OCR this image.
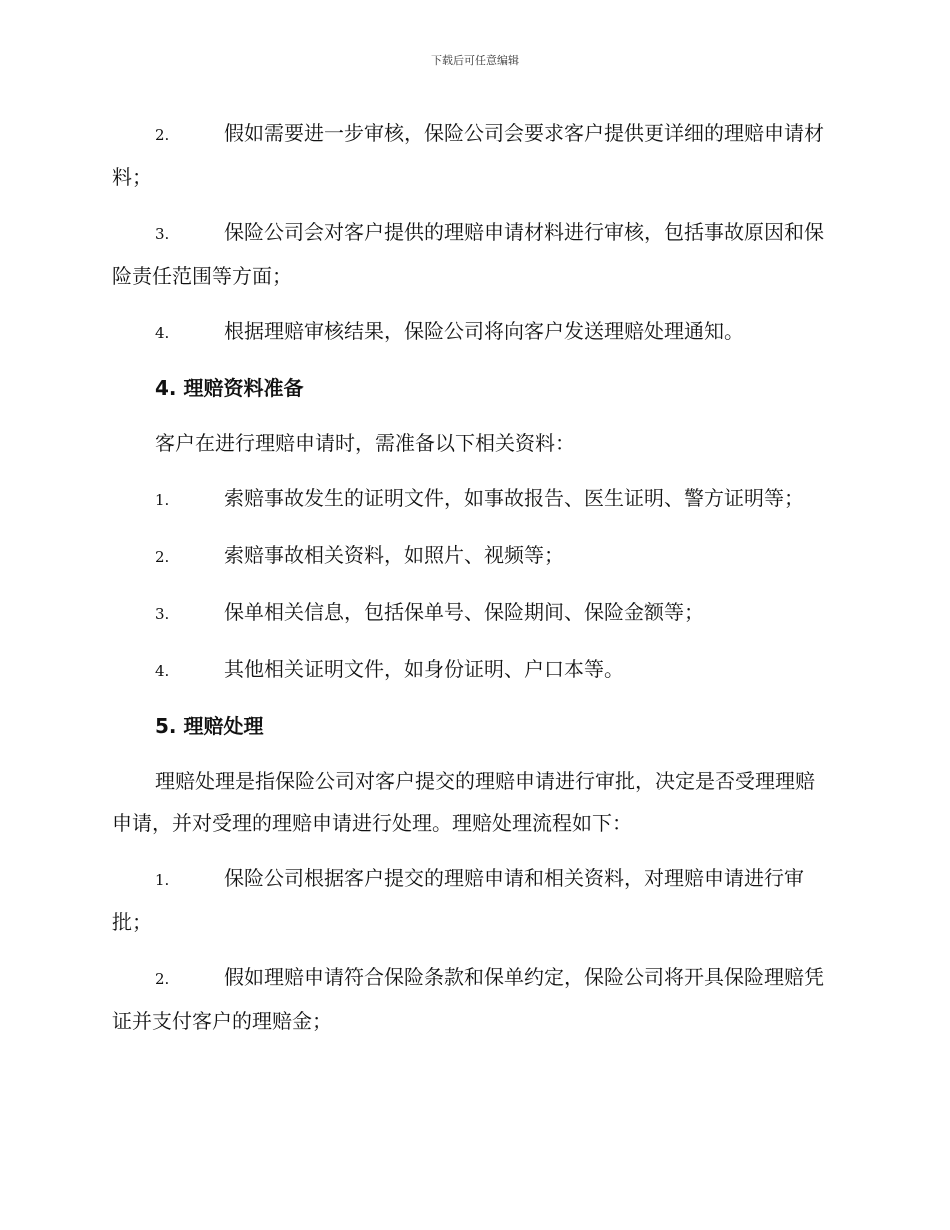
下载后可任意编辑
2.	假如需要进一步审核，保险公司会要求客户提供更详细的理赔申请材料；
3.	保险公司会对客户提供的理赔申请材料进行审核，包括事故原因和保险责任范围等方面；
4.	根据理赔审核结果，保险公司将向客户发送理赔处理通知。
4. 理赔资料准备
客户在进行理赔申请时，需准备以下相关资料：
1.	索赔事故发生的证明文件，如事故报告、医生证明、警方证明等；
2.	索赔事故相关资料，如照片、视频等；
3.	保单相关信息，包括保单号、保险期间、保险金额等；
4.	其他相关证明文件，如身份证明、户口本等。
5. 理赔处理
理赔处理是指保险公司对客户提交的理赔申请进行审批，决定是否受理理赔申请，并对受理的理赔申请进行处理。理赔处理流程如下：
1.	保险公司根据客户提交的理赔申请和相关资料，对理赔申请进行审批；
2.	假如理赔申请符合保险条款和保单约定，保险公司将开具保险理赔凭证并支付客户的理赔金；
